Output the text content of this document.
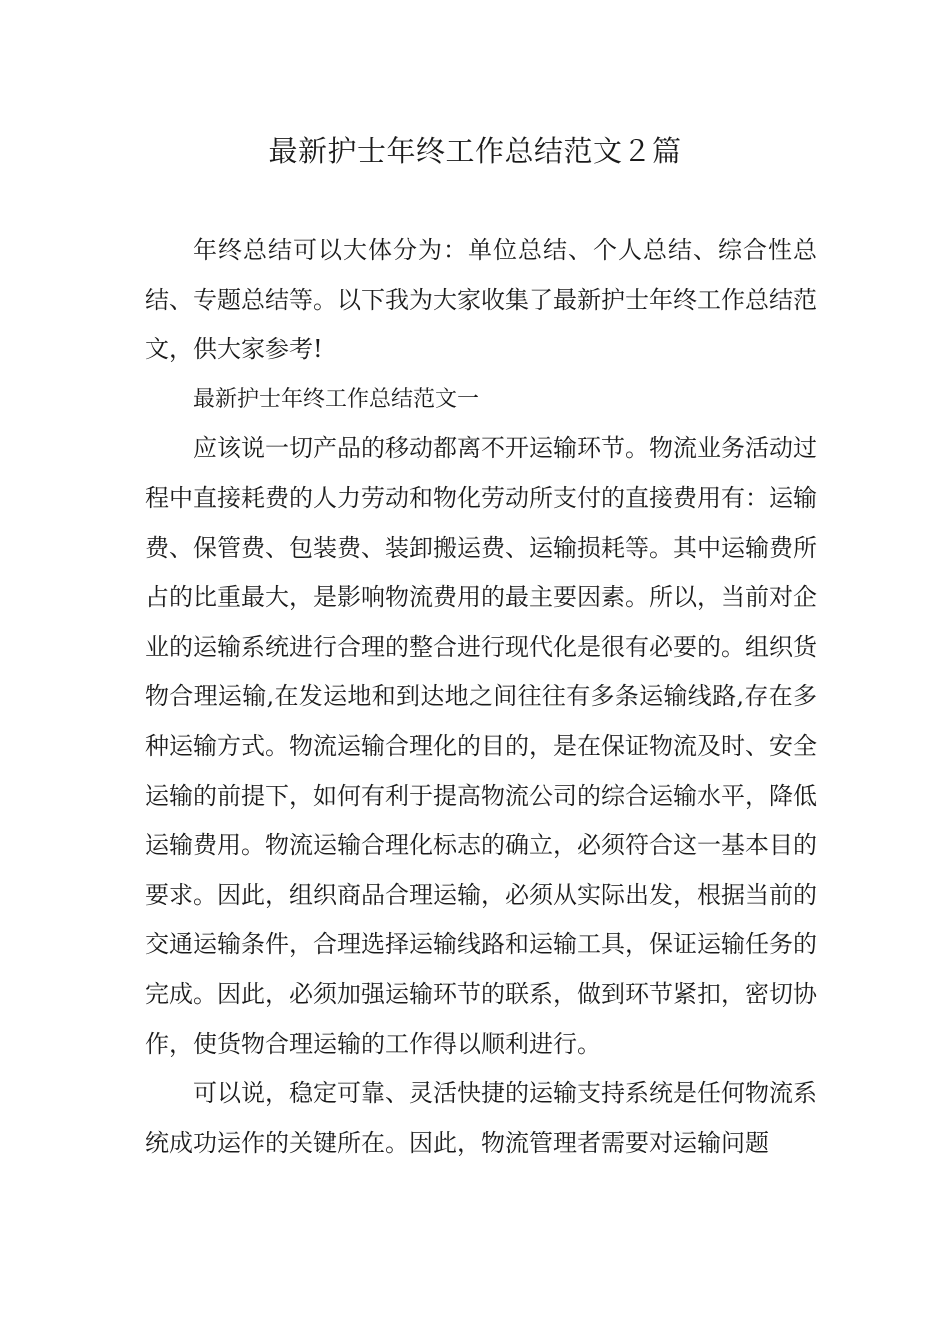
最新护士年终工作总结范文２篇

年终总结可以大体分为：单位总结、个人总结、综合性总结、专题总结等。以下我为大家收集了最新护士年终工作总结范文，供大家参考!

最新护士年终工作总结范文一

应该说一切产品的移动都离不开运输环节。物流业务活动过程中直接耗费的人力劳动和物化劳动所支付的直接费用有：运输费、保管费、包装费、装卸搬运费、运输损耗等。其中运输费所占的比重最大，是影响物流费用的最主要因素。所以，当前对企业的运输系统进行合理的整合进行现代化是很有必要的。组织货物合理运输,在发运地和到达地之间往往有多条运输线路,存在多种运输方式。物流运输合理化的目的，是在保证物流及时、安全运输的前提下，如何有利于提高物流公司的综合运输水平，降低运输费用。物流运输合理化标志的确立，必须符合这一基本目的要求。因此，组织商品合理运输，必须从实际出发，根据当前的交通运输条件，合理选择运输线路和运输工具，保证运输任务的完成。因此，必须加强运输环节的联系，做到环节紧扣，密切协作，使货物合理运输的工作得以顺利进行。

可以说，稳定可靠、灵活快捷的运输支持系统是任何物流系统成功运作的关键所在。因此，物流管理者需要对运输问题
